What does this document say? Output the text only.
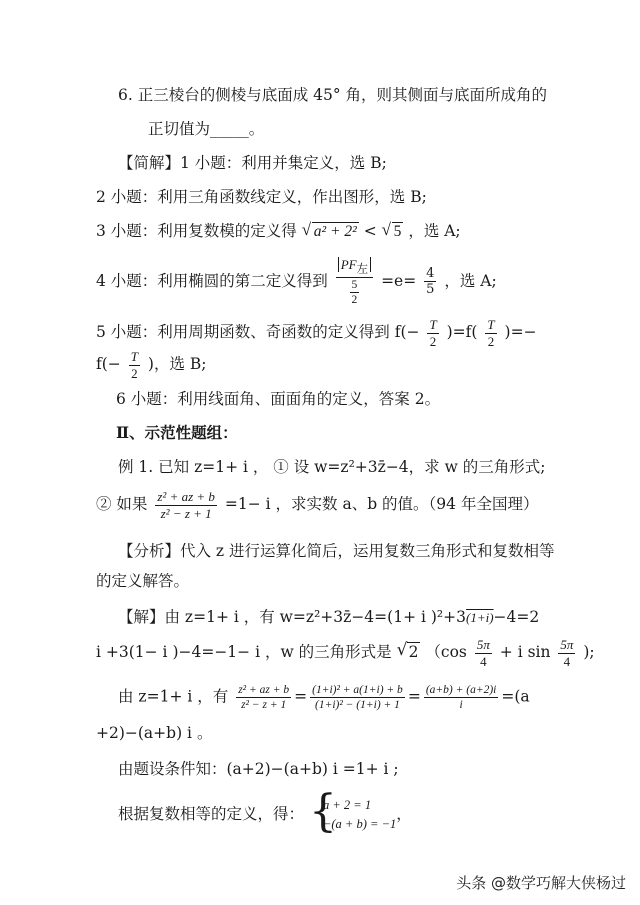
6. 正三棱台的侧棱与底面成 45° 角，则其侧面与底面所成角的
正切值为_____。
【简解】1 小题：利用并集定义，选 B;
2 小题：利用三角函数线定义，作出图形，选 B;
3 小题：利用复数模的定义得 √ a² + 2² < √ 5 ，选 A;
4 小题：利用椭圆的第二定义得到 $\frac{PF_左}{\frac{5}{2}} =e= \frac{4}{5}$ ，选 A;
5 小题：利用周期函数、奇函数的定义得到 $f(- \frac{T}{2} )=f( \frac{T}{2}$ )=−
$f(- \frac{T}{2}$ )，选 B;
6 小题：利用线面角、面面角的定义，答案 2。
Ⅱ、示范性题组：
例 1. 已知 z=1+ i ， ① 设 w=z²+3z̄−4，求 w 的三角形式;
② 如果 $\frac{\text{z² + az + b}}{\text{z² − z + 1}} =1- i$ ，求实数 a、b 的值。（94 年全国理）
【分析】代入 z 进行运算化简后，运用复数三角形式和复数相等
的定义解答。
【解】由 z=1+ i ，有 w=z²+3z̄−4=(1+ i )²+3(1+i)−4=2
i +3(1− i )−4=−1− i ，w 的三角形式是 √ 2 （$\cos \frac{5\pi}{4} + i$ $\sin \frac{5\pi}{4}$ );
由 z=1+ i ，有 $\frac{\text{z² + az + b}}{\text{z² − z + 1}} = \frac{\text{(1+i)² + a(1+i) + b}}{\text{(1+i)² − (1+i) + 1}} = \frac{(a+b) + (a+2)i}{i} =(a$
+2)−(a+b) i 。
由题设条件知：(a+2)−(a+b) i =1+ i ;
根据复数相等的定义，得： {
a + 2 = 1
−(a + b) = −1
，
头条 @数学巧解大侠杨过
